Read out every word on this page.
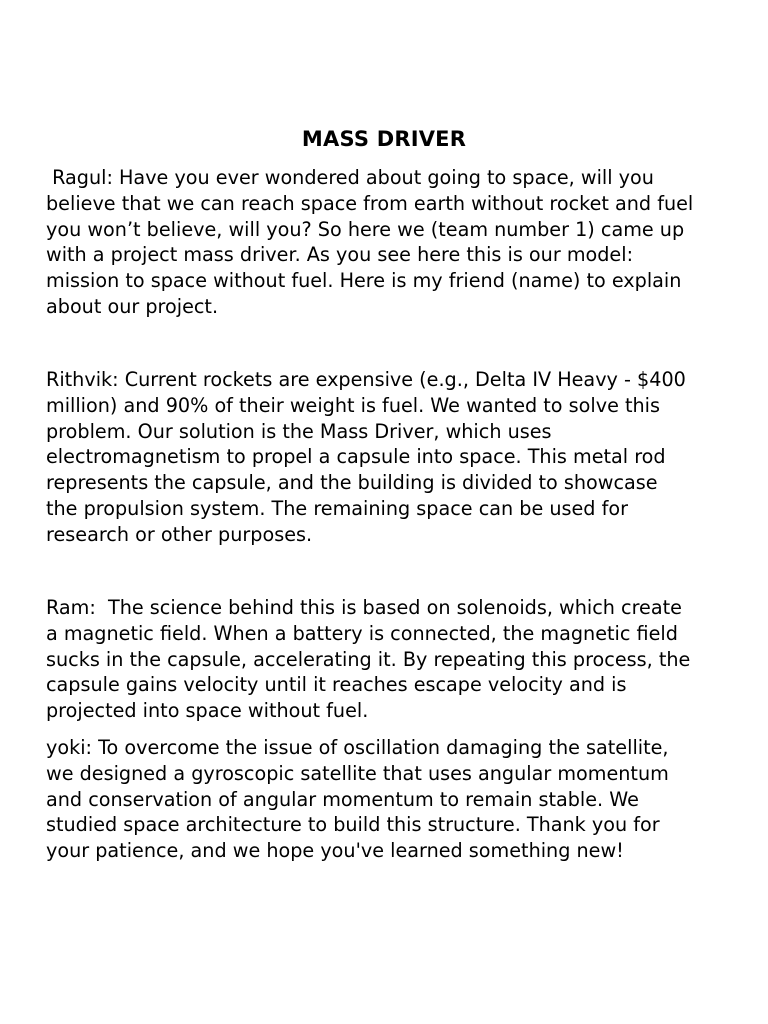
MASS DRIVER

Ragul: Have you ever wondered about going to space, will you
believe that we can reach space from earth without rocket and fuel
you won’t believe, will you? So here we (team number 1) came up
with a project mass driver. As you see here this is our model:
mission to space without fuel. Here is my friend (name) to explain
about our project.

Rithvik: Current rockets are expensive (e.g., Delta IV Heavy - $400
million) and 90% of their weight is fuel. We wanted to solve this
problem. Our solution is the Mass Driver, which uses
electromagnetism to propel a capsule into space. This metal rod
represents the capsule, and the building is divided to showcase
the propulsion system. The remaining space can be used for
research or other purposes.

Ram:  The science behind this is based on solenoids, which create
a magnetic field. When a battery is connected, the magnetic field
sucks in the capsule, accelerating it. By repeating this process, the
capsule gains velocity until it reaches escape velocity and is
projected into space without fuel.

yoki: To overcome the issue of oscillation damaging the satellite,
we designed a gyroscopic satellite that uses angular momentum
and conservation of angular momentum to remain stable. We
studied space architecture to build this structure. Thank you for
your patience, and we hope you've learned something new!
